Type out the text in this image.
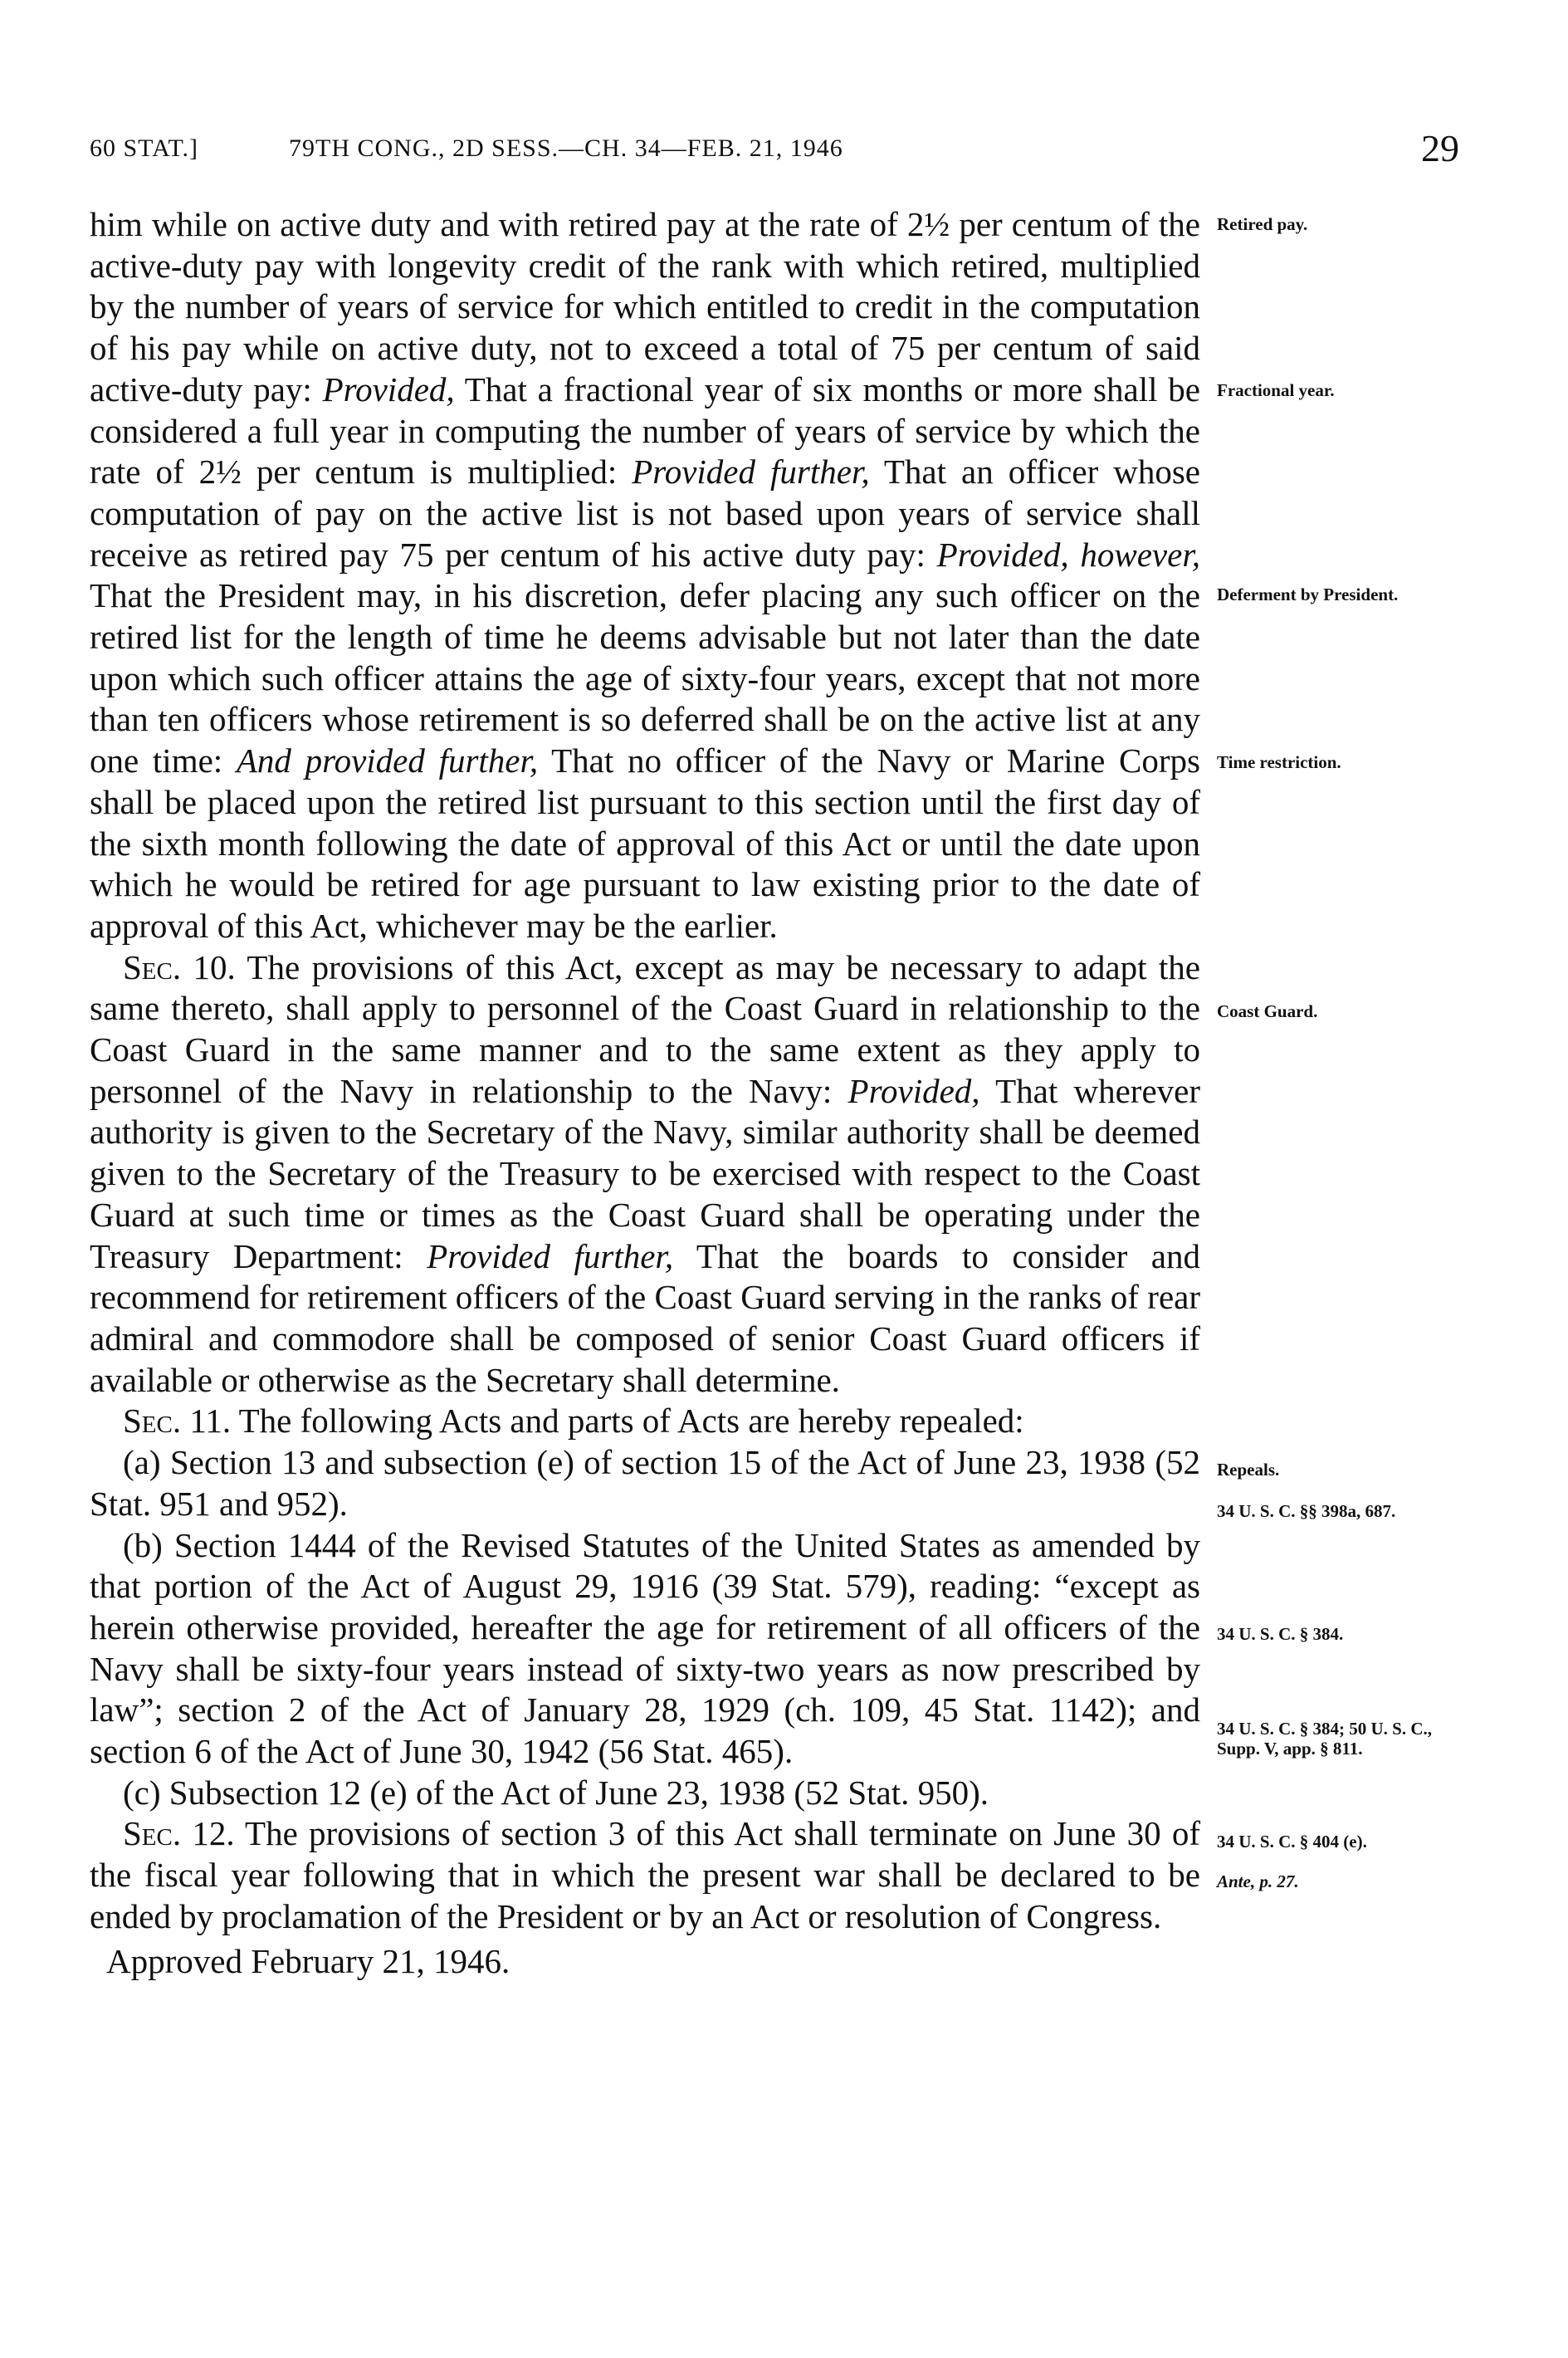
60 STAT.]	79TH CONG., 2D SESS.—CH. 34—FEB. 21, 1946	29

him while on active duty and with retired pay at the rate of 2½ per centum of the active-duty pay with longevity credit of the rank with which retired, multiplied by the number of years of service for which entitled to credit in the computation of his pay while on active duty, not to exceed a total of 75 per centum of said active-duty pay: Provided, That a fractional year of six months or more shall be considered a full year in computing the number of years of service by which the rate of 2½ per centum is multiplied: Provided further, That an officer whose computation of pay on the active list is not based upon years of service shall receive as retired pay 75 per centum of his active duty pay: Provided, however, That the President may, in his discretion, defer placing any such officer on the retired list for the length of time he deems advisable but not later than the date upon which such officer attains the age of sixty-four years, except that not more than ten officers whose retirement is so deferred shall be on the active list at any one time: And provided further, That no officer of the Navy or Marine Corps shall be placed upon the retired list pursuant to this section until the first day of the sixth month following the date of approval of this Act or until the date upon which he would be retired for age pursuant to law existing prior to the date of approval of this Act, whichever may be the earlier.

Sec. 10. The provisions of this Act, except as may be necessary to adapt the same thereto, shall apply to personnel of the Coast Guard in relationship to the Coast Guard in the same manner and to the same extent as they apply to personnel of the Navy in relationship to the Navy: Provided, That wherever authority is given to the Secretary of the Navy, similar authority shall be deemed given to the Secretary of the Treasury to be exercised with respect to the Coast Guard at such time or times as the Coast Guard shall be operating under the Treasury Department: Provided further, That the boards to consider and recommend for retirement officers of the Coast Guard serving in the ranks of rear admiral and commodore shall be composed of senior Coast Guard officers if available or otherwise as the Secretary shall determine.

Sec. 11. The following Acts and parts of Acts are hereby repealed:

(a) Section 13 and subsection (e) of section 15 of the Act of June 23, 1938 (52 Stat. 951 and 952).

(b) Section 1444 of the Revised Statutes of the United States as amended by that portion of the Act of August 29, 1916 (39 Stat. 579), reading: “except as herein otherwise provided, hereafter the age for retirement of all officers of the Navy shall be sixty-four years instead of sixty-two years as now prescribed by law”; section 2 of the Act of January 28, 1929 (ch. 109, 45 Stat. 1142); and section 6 of the Act of June 30, 1942 (56 Stat. 465).

(c) Subsection 12 (e) of the Act of June 23, 1938 (52 Stat. 950).

Sec. 12. The provisions of section 3 of this Act shall terminate on June 30 of the fiscal year following that in which the present war shall be declared to be ended by proclamation of the President or by an Act or resolution of Congress.

Approved February 21, 1946.

Retired pay.
Fractional year.
Deferment by President.
Time restriction.
Coast Guard.
Repeals.
34 U. S. C. §§ 398a, 687.
34 U. S. C. § 384.
34 U. S. C. § 384; 50 U. S. C., Supp. V, app. § 811.
34 U. S. C. § 404 (e).
Ante, p. 27.
